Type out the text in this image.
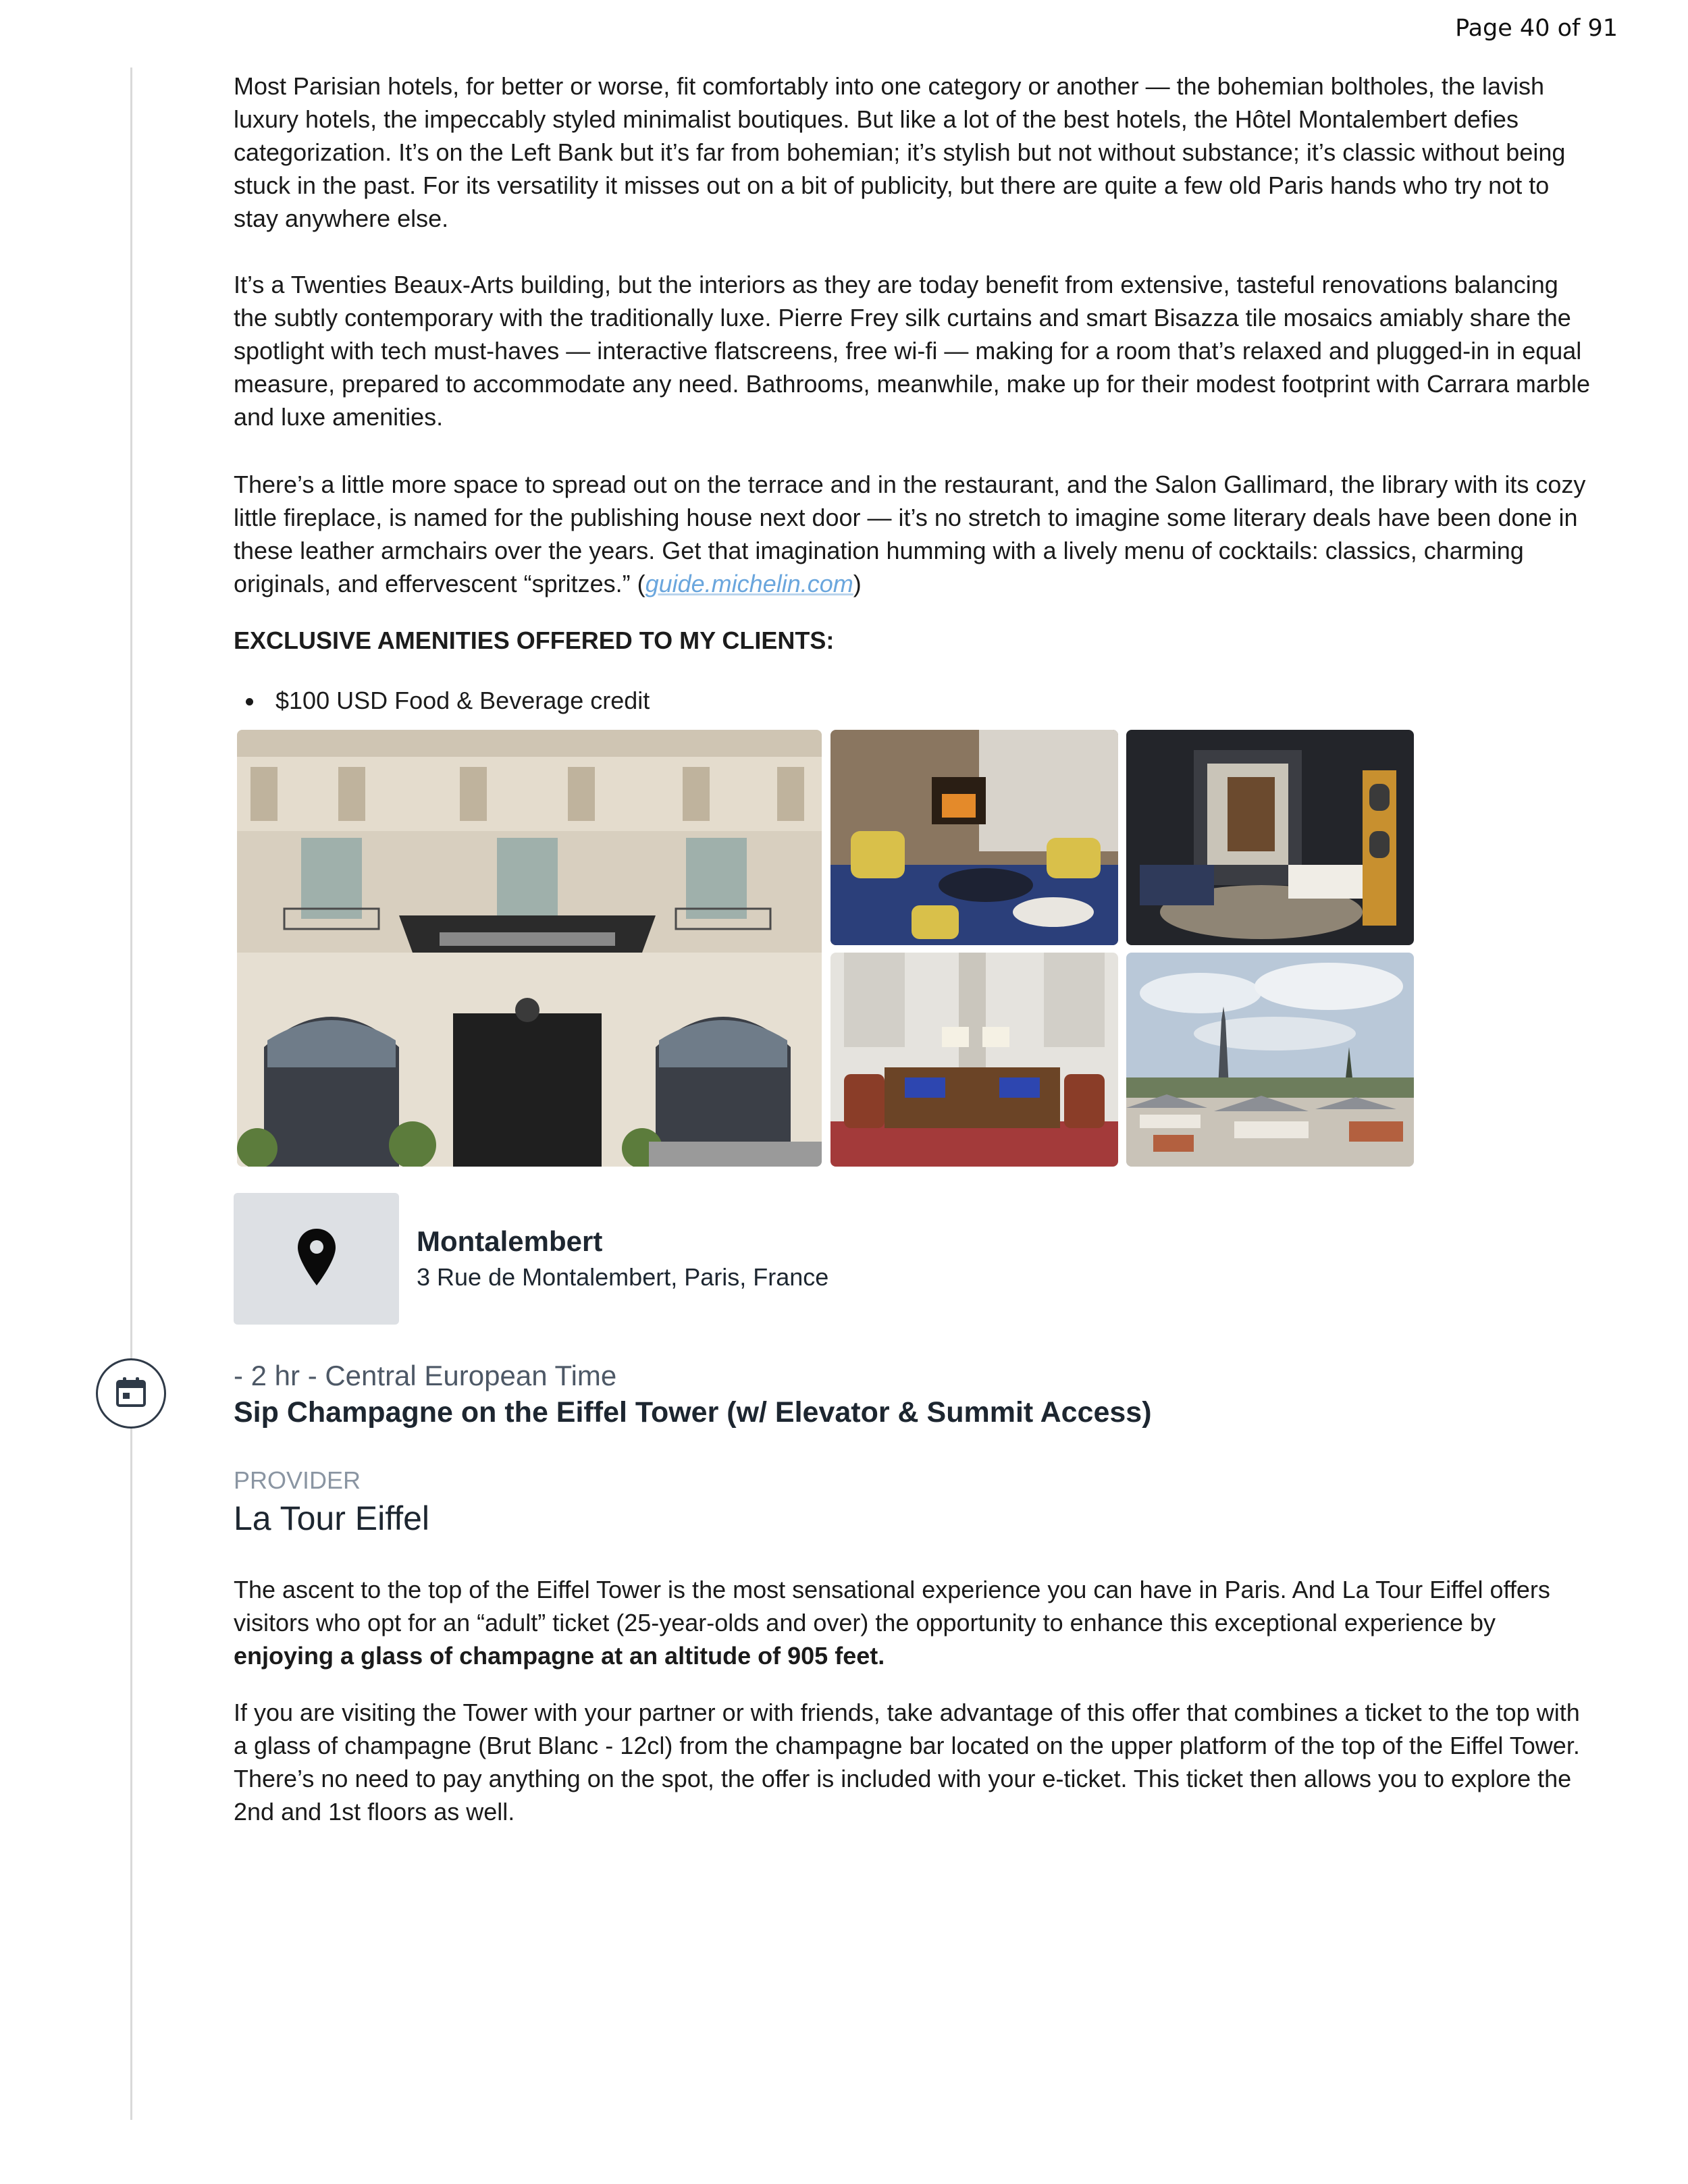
Page 40 of 91

Most Parisian hotels, for better or worse, fit comfortably into one category or another — the bohemian boltholes, the lavish luxury hotels, the impeccably styled minimalist boutiques. But like a lot of the best hotels, the Hôtel Montalembert defies categorization. It’s on the Left Bank but it’s far from bohemian; it’s stylish but not without substance; it’s classic without being stuck in the past. For its versatility it misses out on a bit of publicity, but there are quite a few old Paris hands who try not to stay anywhere else.

It’s a Twenties Beaux-Arts building, but the interiors as they are today benefit from extensive, tasteful renovations balancing the subtly contemporary with the traditionally luxe. Pierre Frey silk curtains and smart Bisazza tile mosaics amiably share the spotlight with tech must-haves — interactive flatscreens, free wi-fi — making for a room that’s relaxed and plugged-in in equal measure, prepared to accommodate any need. Bathrooms, meanwhile, make up for their modest footprint with Carrara marble and luxe amenities.

There’s a little more space to spread out on the terrace and in the restaurant, and the Salon Gallimard, the library with its cozy little fireplace, is named for the publishing house next door — it’s no stretch to imagine some literary deals have been done in these leather armchairs over the years. Get that imagination humming with a lively menu of cocktails: classics, charming originals, and effervescent “spritzes.” (guide.michelin.com)

EXCLUSIVE AMENITIES OFFERED TO MY CLIENTS:

$100 USD Food & Beverage credit
Montalembert
3 Rue de Montalembert, Paris, France
- 2 hr - Central European Time
Sip Champagne on the Eiffel Tower (w/ Elevator & Summit Access)
PROVIDER
La Tour Eiffel

The ascent to the top of the Eiffel Tower is the most sensational experience you can have in Paris. And La Tour Eiffel offers visitors who opt for an “adult” ticket (25-year-olds and over) the opportunity to enhance this exceptional experience by enjoying a glass of champagne at an altitude of 905 feet.

If you are visiting the Tower with your partner or with friends, take advantage of this offer that combines a ticket to the top with a glass of champagne (Brut Blanc - 12cl) from the champagne bar located on the upper platform of the top of the Eiffel Tower. There’s no need to pay anything on the spot, the offer is included with your e-ticket. This ticket then allows you to explore the 2nd and 1st floors as well.
